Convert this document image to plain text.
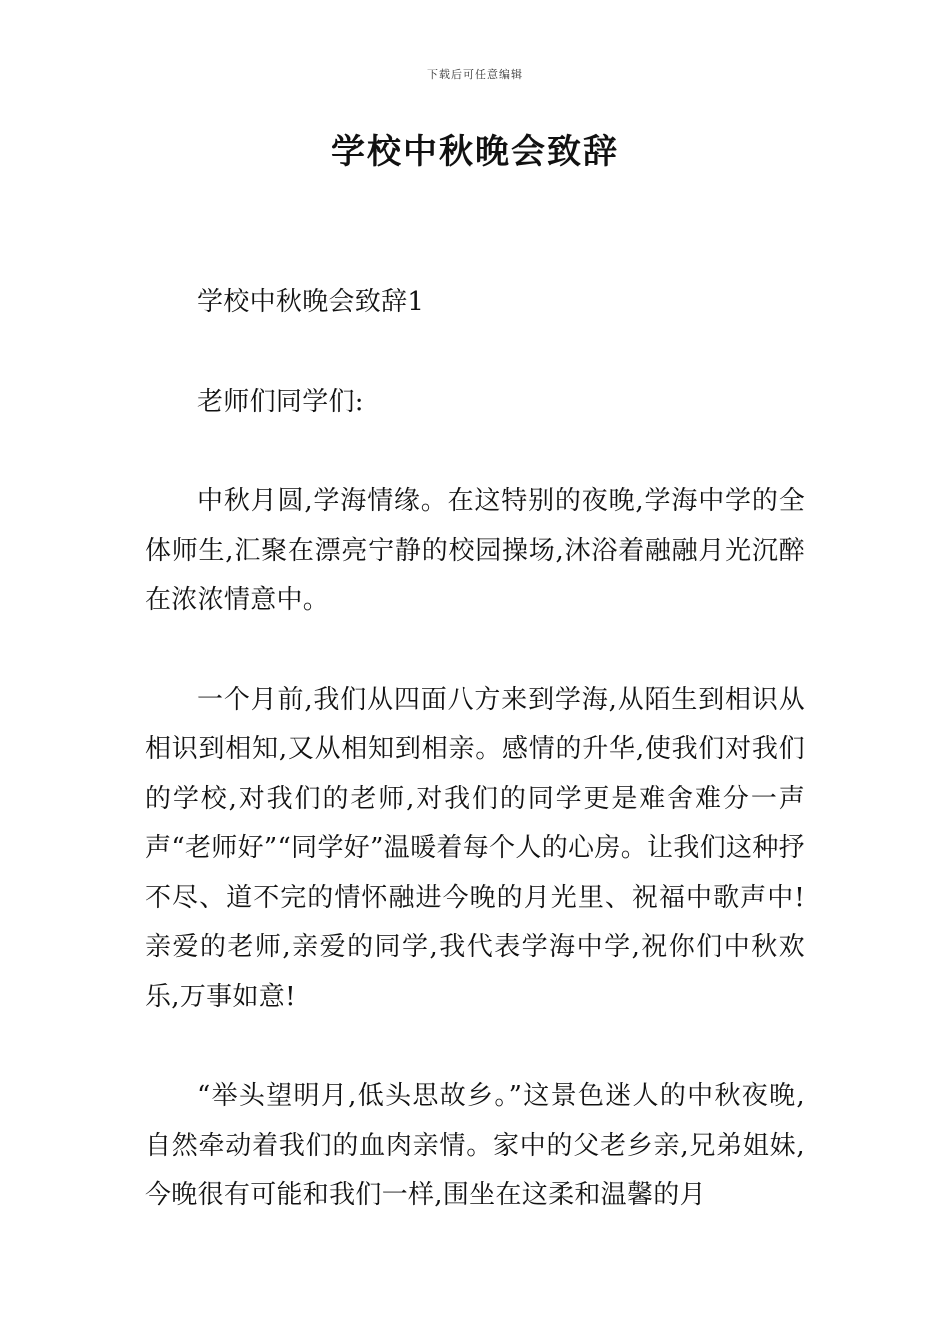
下载后可任意编辑
学校中秋晚会致辞

学校中秋晚会致辞1

老师们同学们:

中秋月圆,学海情缘。在这特别的夜晚,学海中学的全体师生,汇聚在漂亮宁静的校园操场,沐浴着融融月光沉醉在浓浓情意中。

一个月前,我们从四面八方来到学海,从陌生到相识从相识到相知,又从相知到相亲。感情的升华,使我们对我们的学校,对我们的老师,对我们的同学更是难舍难分一声声“老师好”“同学好”温暖着每个人的心房。让我们这种抒不尽、道不完的情怀融进今晚的月光里、祝福中歌声中!亲爱的老师,亲爱的同学,我代表学海中学,祝你们中秋欢乐,万事如意!

“举头望明月,低头思故乡。”这景色迷人的中秋夜晚,自然牵动着我们的血肉亲情。家中的父老乡亲,兄弟姐妹,今晚很有可能和我们一样,围坐在这柔和温馨的月
